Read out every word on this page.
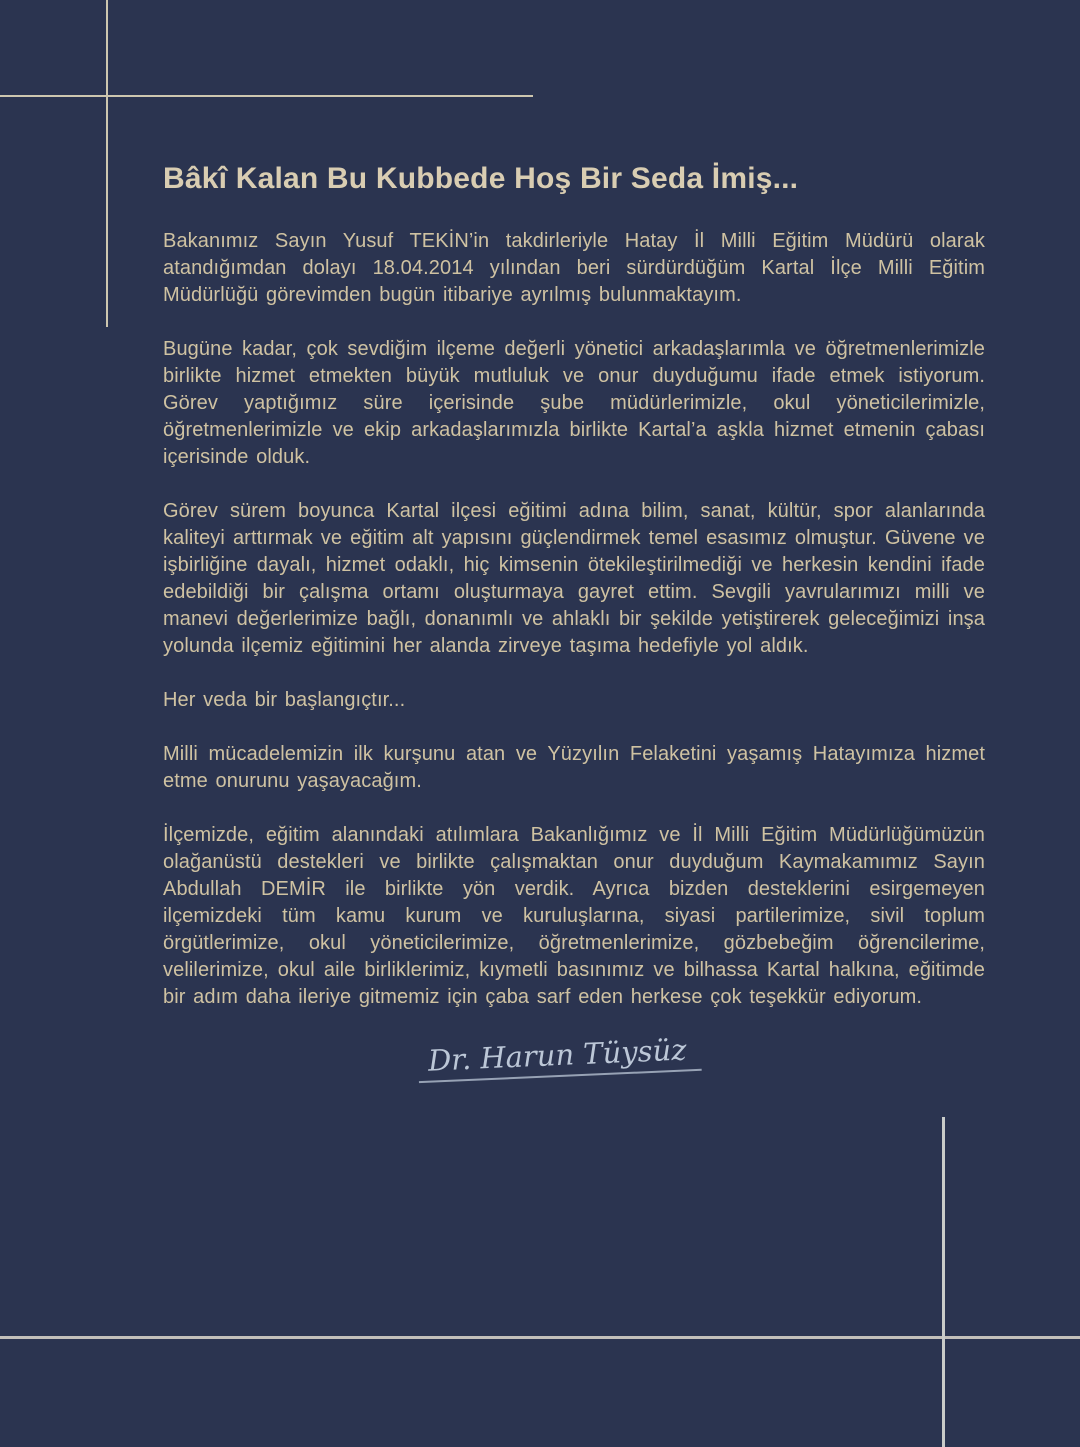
Bâkî Kalan Bu Kubbede Hoş Bir Seda İmiş...

Bakanımız Sayın Yusuf TEKİN’in takdirleriyle Hatay İl Milli Eğitim Müdürü olarak atandığımdan dolayı 18.04.2014 yılından beri sürdürdüğüm Kartal İlçe Milli Eğitim Müdürlüğü görevimden bugün itibariye ayrılmış bulunmaktayım.

Bugüne kadar, çok sevdiğim ilçeme değerli yönetici arkadaşlarımla ve öğretmenlerimizle birlikte hizmet etmekten büyük mutluluk ve onur duyduğumu ifade etmek istiyorum. Görev yaptığımız süre içerisinde şube müdürlerimizle, okul yöneticilerimizle, öğretmenlerimizle ve ekip arkadaşlarımızla birlikte Kartal’a aşkla hizmet etmenin çabası içerisinde olduk.

Görev sürem boyunca Kartal ilçesi eğitimi adına bilim, sanat, kültür, spor alanlarında kaliteyi arttırmak ve eğitim alt yapısını güçlendirmek temel esasımız olmuştur. Güvene ve işbirliğine dayalı, hizmet odaklı, hiç kimsenin ötekileştirilmediği ve herkesin kendini ifade edebildiği bir çalışma ortamı oluşturmaya gayret ettim. Sevgili yavrularımızı milli ve manevi değerlerimize bağlı, donanımlı ve ahlaklı bir şekilde yetiştirerek geleceğimizi inşa yolunda ilçemiz eğitimini her alanda zirveye taşıma hedefiyle yol aldık.

Her veda bir başlangıçtır...

Milli mücadelemizin ilk kurşunu atan ve Yüzyılın Felaketini yaşamış Hatayımıza hizmet etme onurunu yaşayacağım.

İlçemizde, eğitim alanındaki atılımlara Bakanlığımız ve İl Milli Eğitim Müdürlüğümüzün olağanüstü destekleri ve birlikte çalışmaktan onur duyduğum Kaymakamımız Sayın Abdullah DEMİR ile birlikte yön verdik. Ayrıca bizden desteklerini esirgemeyen ilçemizdeki tüm kamu kurum ve kuruluşlarına, siyasi partilerimize, sivil toplum örgütlerimize, okul yöneticilerimize, öğretmenlerimize, gözbebeğim öğrencilerime, velilerimize, okul aile birliklerimiz, kıymetli basınımız ve bilhassa Kartal halkına, eğitimde bir adım daha ileriye gitmemiz için çaba sarf eden herkese çok teşekkür ediyorum.

Dr. Harun Tüysüz
